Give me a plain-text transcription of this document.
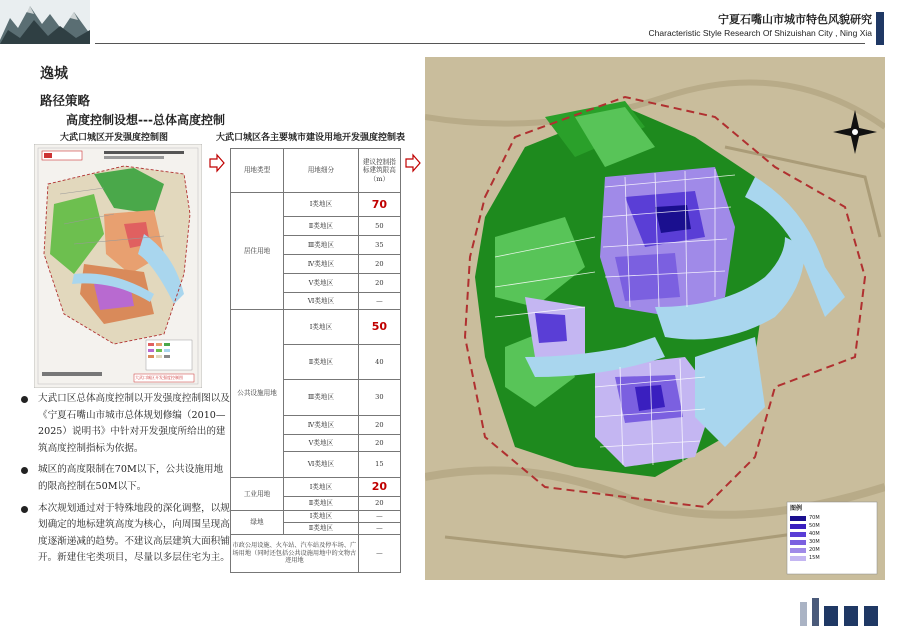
宁夏石嘴山市城市特色风貌研究
Characteristic Style Research Of Shizuishan City , Ning Xia
逸城
路径策略
高度控制设想---总体高度控制
大武口城区开发强度控制图	大武口城区各主要城市建设用地开发强度控制表
大武口城区开发强度控制图
用地类型	用地细分	建议控制指标建筑限高（m）
居住用地	Ⅰ类地区	70
	Ⅱ类地区	50
	Ⅲ类地区	35
	Ⅳ类地区	20
	Ⅴ类地区	20
	Ⅵ类地区	—
公共设施用地	Ⅰ类地区	50
	Ⅱ类地区	40
	Ⅲ类地区	30
	Ⅳ类地区	20
	Ⅴ类地区	20
	Ⅵ类地区	15
工业用地	Ⅰ类地区	20
	Ⅱ类地区	20
绿地	Ⅰ类地区	—
	Ⅱ类地区	—
市政公用设施、火车站、汽车站及停车场、广场用地（同时还包括公共设施用地中的文物古迹用地		—
大武口区总体高度控制以开发强度控制图以及《宁夏石嘴山市城市总体规划修编（2010—2025）说明书》中针对开发强度所给出的建筑高度控制指标为依据。
城区的高度限制在70M以下，公共设施用地的限高控制在50M以下。
本次规划通过对于特殊地段的深化调整，以规划确定的地标建筑高度为核心，向周围呈现高度逐渐递减的趋势。不建议高层建筑大面积铺开。新建住宅类项目，尽量以多层住宅为主。
图例
70M
50M
40M
30M
20M
15M
